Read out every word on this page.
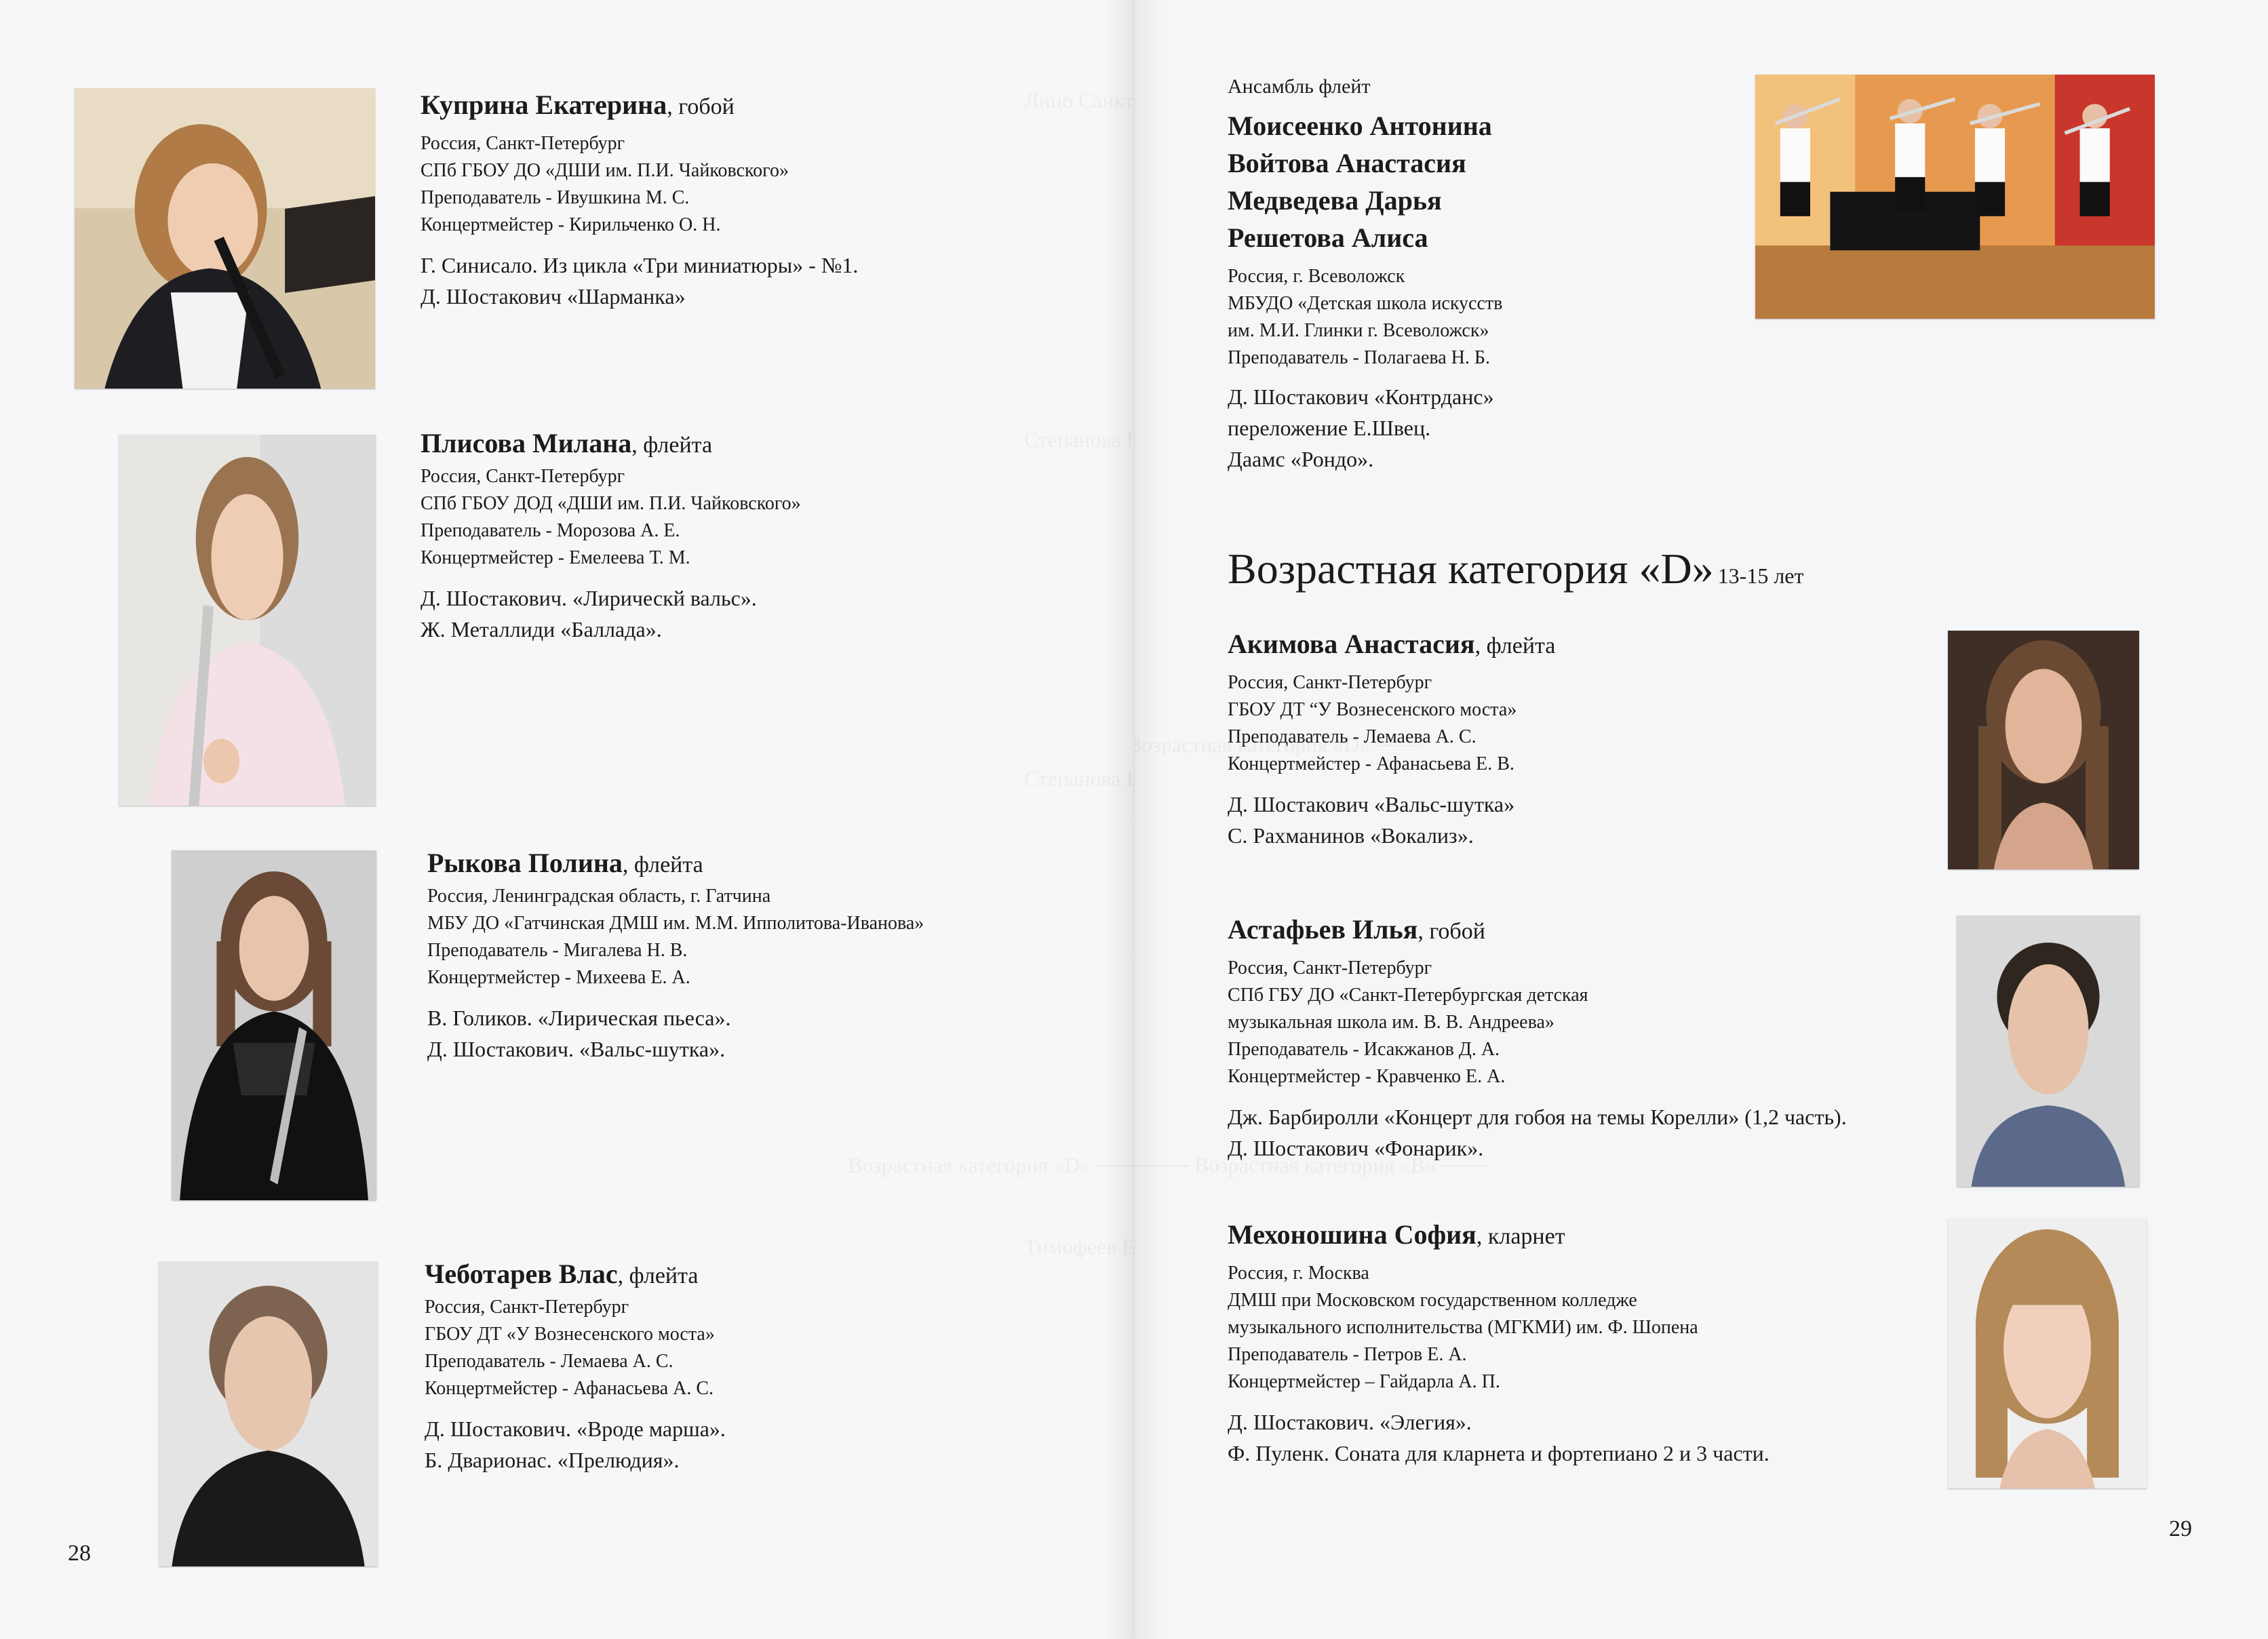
Куприна Екатерина, гобой
Россия, Санкт-Петербург
СПб ГБОУ ДО «ДШИ им. П.И. Чайковского»
Преподаватель - Ивушкина М. С.
Концертмейстер - Кирильченко О. Н.
Г. Синисало. Из цикла «Три миниатюры» - №1.
Д. Шостакович «Шарманка»
Плисова Милана, флейта
Россия, Санкт-Петербург
СПб ГБОУ ДОД «ДШИ им. П.И. Чайковского»
Преподаватель - Морозова А. Е.
Концертмейстер - Емелеева Т. М.
Д. Шостакович. «Лирическй вальс».
Ж. Металлиди «Баллада».
Рыкова Полина, флейта
Россия, Ленинградская область, г. Гатчина
МБУ ДО «Гатчинская ДМШ им. М.М. Ипполитова-Иванова»
Преподаватель - Мигалева Н. В.
Концертмейстер - Михеева Е. А.
В. Голиков. «Лирическая пьеса».
Д. Шостакович. «Вальс-шутка».
Чеботарев Влас, флейта
Россия, Санкт-Петербург
ГБОУ ДТ «У Вознесенского моста»
Преподаватель - Лемаева А. С.
Концертмейстер - Афанасьева А. С.
Д. Шостакович. «Вроде марша».
Б. Дварионас. «Прелюдия».
28
Ансамбль флейт
Моисеенко Антонина
Войтова Анастасия
Медведева Дарья
Решетова Алиса
Россия, г. Всеволожск
МБУДО «Детская школа искусств
им. М.И. Глинки г. Всеволожск»
Преподаватель - Полагаева Н. Б.
Д. Шостакович «Контрданс»
переложение Е.Швец.
Даамс «Рондо».
Возрастная категория «D» 13-15 лет
Акимова Анастасия, флейта
Россия, Санкт-Петербург
ГБОУ ДТ “У Вознесенского моста»
Преподаватель - Лемаева А. С.
Концертмейстер - Афанасьева Е. В.
Д. Шостакович «Вальс-шутка»
С. Рахманинов «Вокализ».
Астафьев Илья, гобой
Россия, Санкт-Петербург
СПб ГБУ ДО «Санкт-Петербургская детская
музыкальная школа им. В. В. Андреева»
Преподаватель - Исакжанов Д. А.
Концертмейстер - Кравченко Е. А.
Дж. Барбиролли «Концерт для гобоя на темы Корелли» (1,2 часть).
Д. Шостакович «Фонарик».
Мехоношина София, кларнет
Россия, г. Москва
ДМШ при Московском государственном колледже
музыкального исполнительства (МГКМИ) им. Ф. Шопена
Преподаватель - Петров Е. А.
Концертмейстер – Гайдарла А. П.
Д. Шостакович. «Элегия».
Ф. Пуленк. Соната для кларнета и фортепиано 2 и 3 части.
29
